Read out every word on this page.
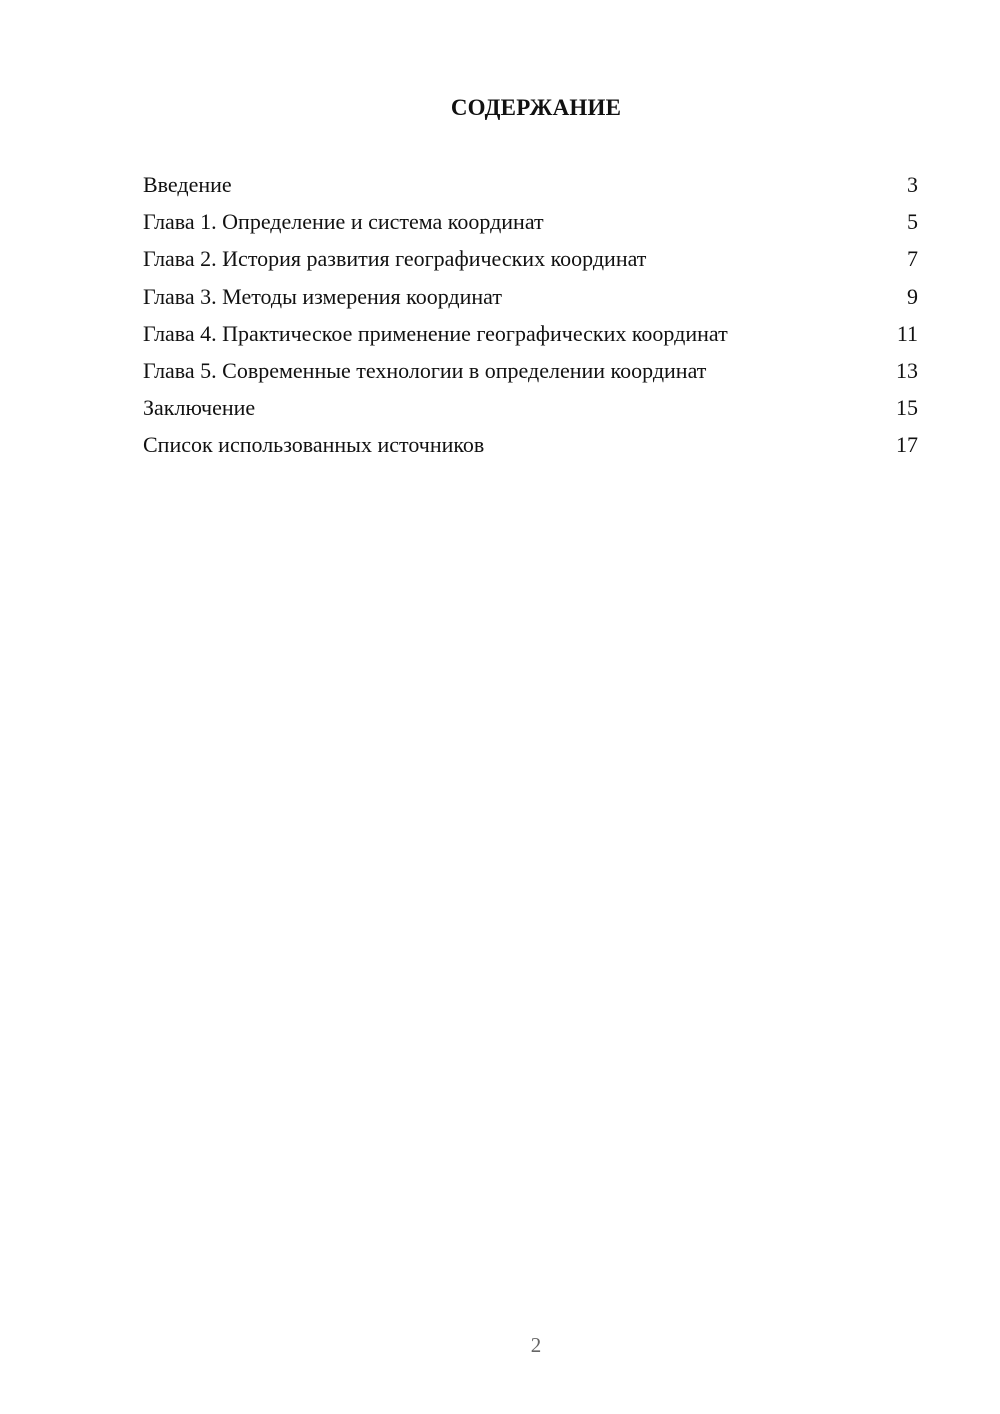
СОДЕРЖАНИЕ
Введение	3
Глава 1. Определение и система координат	5
Глава 2. История развития географических координат	7
Глава 3. Методы измерения координат	9
Глава 4. Практическое применение географических координат	11
Глава 5. Современные технологии в определении координат	13
Заключение	15
Список использованных источников	17
2
